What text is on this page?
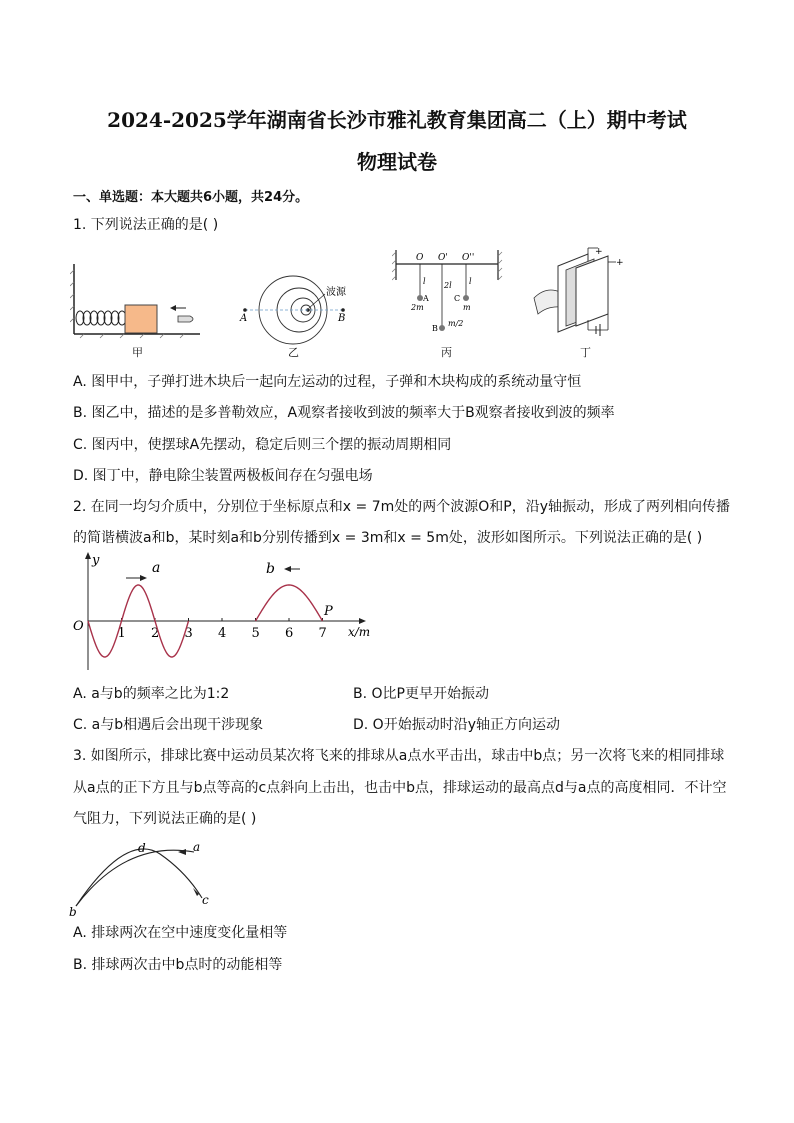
2024-2025学年湖南省长沙市雅礼教育集团高二（上）期中考试
物理试卷
一、单选题：本大题共6小题，共24分。
1. 下列说法正确的是( )
甲
A	B
波源
乙
O O' O''
l 2l l
A
2m
C
m
B
m/2
丙
+
+
丁
A. 图甲中，子弹打进木块后一起向左运动的过程，子弹和木块构成的系统动量守恒
B. 图乙中，描述的是多普勒效应，A观察者接收到波的频率大于B观察者接收到波的频率
C. 图丙中，使摆球A先摆动，稳定后则三个摆的振动周期相同
D. 图丁中，静电除尘装置两极板间存在匀强电场
2. 在同一均匀介质中，分别位于坐标原点和x = 7m处的两个波源O和P，沿y轴振动，形成了两列相向传播
的简谐横波a和b，某时刻a和b分别传播到x = 3m和x = 5m处，波形如图所示。下列说法正确的是( )
y
x/m
O	1 2 3 4 5 6 7
a	b
P
A. a与b的频率之比为1:2	B. O比P更早开始振动
C. a与b相遇后会出现干涉现象	D. O开始振动时沿y轴正方向运动
3. 如图所示，排球比赛中运动员某次将飞来的排球从a点水平击出，球击中b点；另一次将飞来的相同排球
从a点的正下方且与b点等高的c点斜向上击出，也击中b点，排球运动的最高点d与a点的高度相同．不计空
气阻力，下列说法正确的是( )
a
d
b
c
A. 排球两次在空中速度变化量相等
B. 排球两次击中b点时的动能相等
